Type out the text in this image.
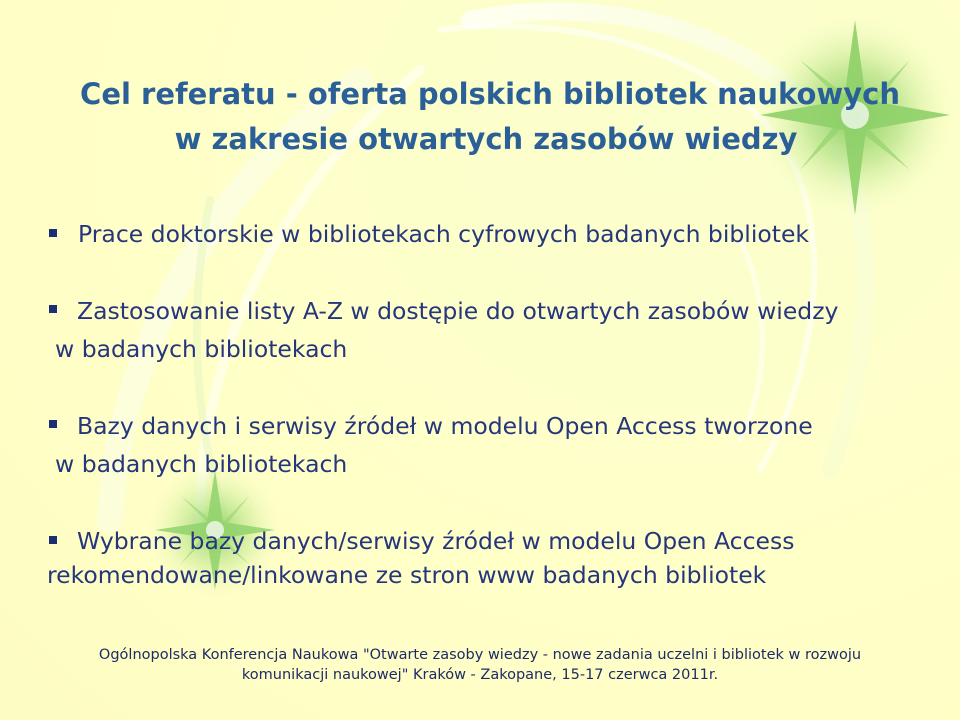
Cel referatu - oferta polskich bibliotek naukowych
w zakresie otwartych zasobów wiedzy
Prace doktorskie w bibliotekach cyfrowych badanych bibliotek
Zastosowanie listy A-Z w dostępie do otwartych zasobów wiedzy
w badanych bibliotekach
Bazy danych i serwisy źródeł w modelu Open Access tworzone
w badanych bibliotekach
Wybrane bazy danych/serwisy źródeł w modelu Open Access
rekomendowane/linkowane ze stron www badanych bibliotek
Ogólnopolska Konferencja Naukowa "Otwarte zasoby wiedzy - nowe zadania uczelni i bibliotek w rozwoju
komunikacji naukowej" Kraków - Zakopane, 15-17 czerwca 2011r.
